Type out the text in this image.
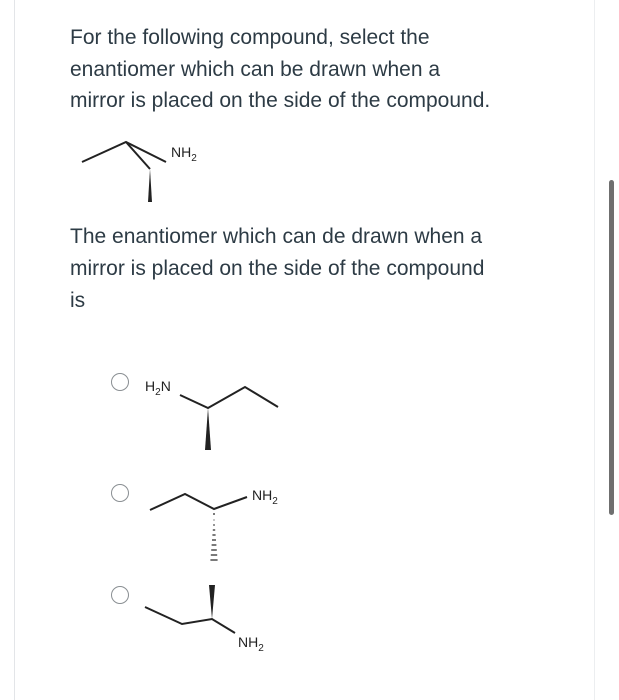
For the following compound, select the
enantiomer which can be drawn when a
mirror is placed on the side of the compound.
$NH_2$
The enantiomer which can de drawn when a
mirror is placed on the side of the compound
is
$H_2N$
$NH_2$
$NH_2$
